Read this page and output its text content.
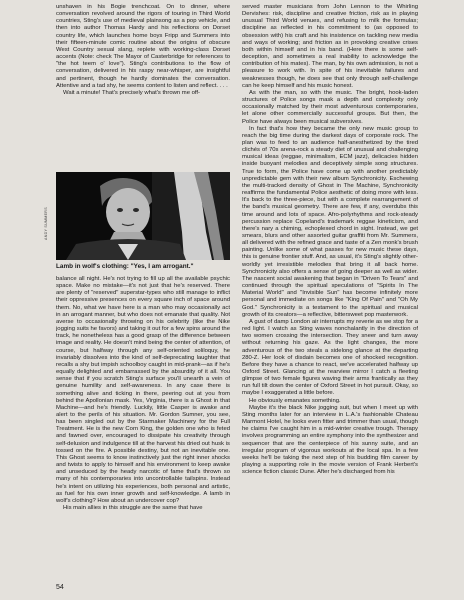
unshaven in his Bogie trenchcoat. On to dinner, where conversation revolved around the rigors of touring in Third World countries, Sting's use of medieval plainsong as a pop vehicle, and then into author Thomas Hardy and his reflections on Dorset country life, which launches home boys Fripp and Summers into their fifteen-minute comic routine about the origins of obscure West Country sexual slang, replete with working-class Dorset accents (Note: check The Mayor of Casterbridge for references to "the hot teem o' love"). Sting's contributions to the flow of conversation, delivered in his raspy near-whisper, are insightful and pertinent, though he hardly dominates the conversation. Attentive and a tad shy, he seems content to listen and reflect. . . .

Wait a minute! That's precisely what's thrown me off-

ANDY SUMMERS
Lamb in wolf's clothing: "Yes, I am arrogant."

balance all night. He's not trying to fill up all the available psychic space. Make no mistake—it's not just that he's reserved. There are plenty of "reserved" superstar-types who still manage to inflict their oppressive presences on every square inch of space around them. No, what we have here is a man who may occasionally act in an arrogant manner, but who does not emanate that quality. Not averse to occasionally throwing on his celebrity (like the Nike jogging suits he favors) and taking it out for a few spins around the track, he nonetheless has a good grasp of the difference between image and reality. He doesn't mind being the center of attention, of course, but halfway through any self-oriented soliloquy, he invariably dissolves into the kind of self-deprecating laughter that recalls a shy but impish schoolboy caught in mid-prank—as if he's equally delighted and embarrassed by the absurdity of it all. You sense that if you scratch Sting's surface you'll unearth a vein of genuine humility and self-awareness. In any case there is something alive and ticking in there, peering out at you from behind the Apollonian mask. Yes, Virginia, there is a Ghost in that Machine—and he's friendly. Luckily, little Casper is awake and alert to the perils of his situation. Mr. Gordon Sumner, you see, has been singled out by the Starmaker Machinery for the Full Treatment. He is the new Corn King, the golden one who is feted and fawned over, encouraged to dissipate his creativity through self-delusion and indulgence till at the harvest his dried out husk is tossed on the fire. A possible destiny, but not an inevitable one. This Ghost seems to know instinctively just the right inner shocks and twists to apply to himself and his environment to keep awake and unseduced by the heady narcotic of fame that's thrown so many of his contemporaries into uncontrollable tailspins. Instead he's intent on utilizing his experiences, both personal and artistic, as fuel for his own inner growth and self-knowledge. A lamb in wolf's clothing? How about an undercover cop?

His main allies in this struggle are the same that have

served master musicians from John Lennon to the Whirling Dervishes: risk, discipline and creative friction, risk as in playing unusual Third World venues, and refusing to milk the formulas; discipline as reflected in his commitment to (as opposed to obsession with) his craft and his insistence on tackling new media and ways of working; and friction as in provoking creative crises both within himself and in his band. (Here there is some self-deception, and sometimes a real inability to acknowledge the contribution of his mates). The man, by his own admission, is not a pleasure to work with. In spite of his inevitable failures and weaknesses though, he does see that only through self-challenge can he keep himself and his music honest.

As with the man, so with the music. The bright, hook-laden structures of Police songs mask a depth and complexity only occasionally matched by their most adventurous contemporaries, let alone other commercially successful groups. But then, the Police have always been musical subversives.

In fact that's how they became the only new music group to reach the big time during the darkest days of corporate rock. The plan was to feed to an audience half-anesthetized by the tired clichés of 70s arena-rock a steady diet of unusual and challenging musical ideas (reggae, minimalism, ECM jazz), delicacies hidden inside buoyant melodies and deceptively simple song structures. True to form, the Police have come up with another predictably unpredictable gem with their new album Synchronicity. Eschewing the multi-tracked density of Ghost in The Machine, Synchronicity reaffirms the fundamental Police aesthetic of doing more with less. It's back to the three-piece, but with a complete rearrangement of the band's musical geometry. There are few, if any, overdubs this time around and lots of space. Afro-polyrhythms and rock-steady percussion replace Copeland's trademark reggae kineticism, and there's nary a chiming, echoplexed chord in sight. Instead, we get smears, blurs and other assorted guitar graffiti from Mr. Summers, all delivered with the refined grace and taste of a Zen monk's brush painting. Unlike some of what passes for new music these days, this is genuine frontier stuff. And, as usual, it's Sting's slightly other-worldly yet irresistible melodies that bring it all back home. Synchronicity also offers a sense of going deeper as well as wider. The nascent social awakening that began in "Driven To Tears" and continued through the spiritual speculations of "Spirits In The Material World" and "Invisible Sun" has become infinitely more personal and immediate on songs like "King Of Pain" and "Oh My God." Synchronicity is a testament to the spiritual and musical growth of its creators—a reflective, bittersweet pop masterwork.

A gust of damp London air interrupts my reverie as we stop for a red light. I watch as Sting waves nonchalantly in the direction of two women crossing the intersection. They sneer and turn away without returning his gaze. As the light changes, the more adventurous of the two steals a sidelong glance at the departing 280-Z. Her look of disdain becomes one of shocked recognition. Before they have a chance to react, we've accelerated halfway up Oxford Street. Glancing at the rearview mirror I catch a fleeting glimpse of two female figures waving their arms frantically as they run full tilt down the center of Oxford Street in hot pursuit. Okay, so maybe I exaggerated a little before.

He obviously emanates something.

Maybe it's the black Nike jogging suit, but when I meet up with Sting months later for an interview in L.A.'s fashionable Chateau Marmont Hotel, he looks even fitter and trimmer than usual, though he claims I've caught him in a mid-winter creative trough. Therapy involves programming an entire symphony into the synthesizer and sequencer that are the centerpiece of his sunny suite, and an irregular program of vigorous workouts at the local spa. In a few weeks he'll be taking the next step of his budding film career by playing a supporting role in the movie version of Frank Herbert's science fiction classic Dune. After he's discharged from his

54
